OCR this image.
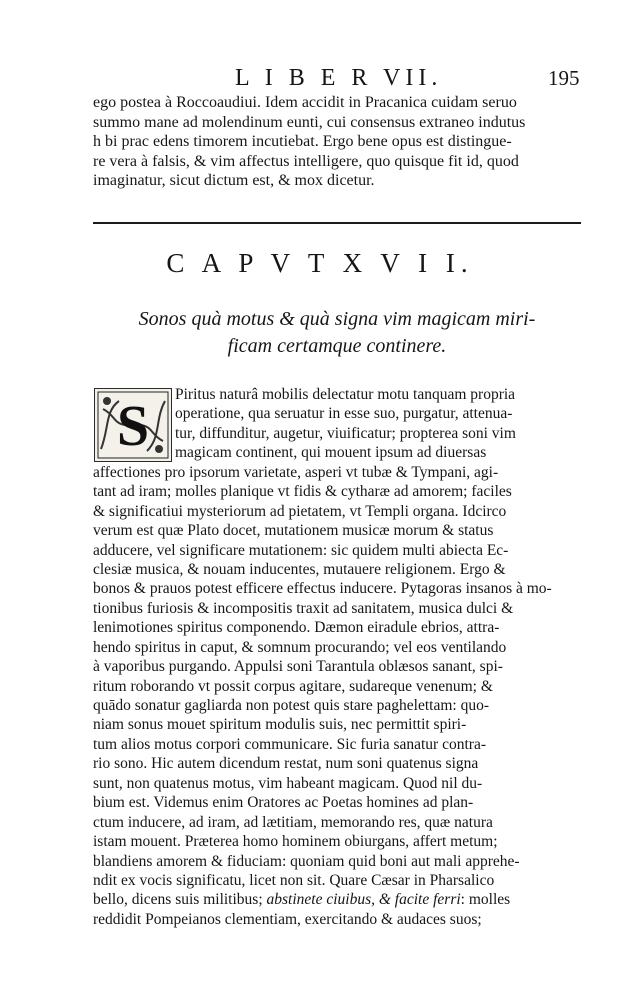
L I B E R VII.	195
ego postea à Roccoaudiui. Idem accidit in Pracanica cuidam seruo
summo mane ad molendinum eunti, cui consensus extraneo indutus
h bi prac edens timorem incutiebat. Ergo bene opus est distingue-
re vera à falsis, & vim affectus intelligere, quo quisque fit id, quod
imaginatur, sicut dictum est, & mox dicetur.
C A P V T X V I I.
Sonos quà motus & quà signa vim magicam miri-
ficam certamque continere.
S	Piritus naturâ mobilis delectatur motu tanquam propria
operatione, qua seruatur in esse suo, purgatur, attenua-
tur, diffunditur, augetur, viuificatur; propterea soni vim
magicam continent, qui mouent ipsum ad diuersas
affectiones pro ipsorum varietate, asperi vt tubæ & Tympani, agi-
tant ad iram; molles planique vt fidis & cytharæ ad amorem; faciles
& significatiui mysteriorum ad pietatem, vt Templi organa. Idcirco
verum est quæ Plato docet, mutationem musicæ morum & status
adducere, vel significare mutationem: sic quidem multi abiecta Ec-
clesiæ musica, & nouam inducentes, mutauere religionem. Ergo &
bonos & prauos potest efficere effectus inducere. Pytagoras insanos à mo-
tionibus furiosis & incompositis traxit ad sanitatem, musica dulci &
lenimotiones spiritus componendo. Dæmon eiradule ebrios, attra-
hendo spiritus in caput, & somnum procurando; vel eos ventilando
à vaporibus purgando. Appulsi soni Tarantula oblæsos sanant, spi-
ritum roborando vt possit corpus agitare, sudareque venenum; &
quādo sonatur gagliarda non potest quis stare paghelettam: quo-
niam sonus mouet spiritum modulis suis, nec permittit spiri-
tum alios motus corpori communicare. Sic furia sanatur contra-
rio sono. Hic autem dicendum restat, num soni quatenus signa
sunt, non quatenus motus, vim habeant magicam. Quod nil du-
bium est. Videmus enim Oratores ac Poetas homines ad plan-
ctum inducere, ad iram, ad lætitiam, memorando res, quæ natura
istam mouent. Præterea homo hominem obiurgans, affert metum;
blandiens amorem & fiduciam: quoniam quid boni aut mali apprehe-
ndit ex vocis significatu, licet non sit. Quare Cæsar in Pharsalico
bello, dicens suis militibus; abstinete ciuibus, & facite ferri: molles
reddidit Pompeianos clementiam, exercitando & audaces suos;
